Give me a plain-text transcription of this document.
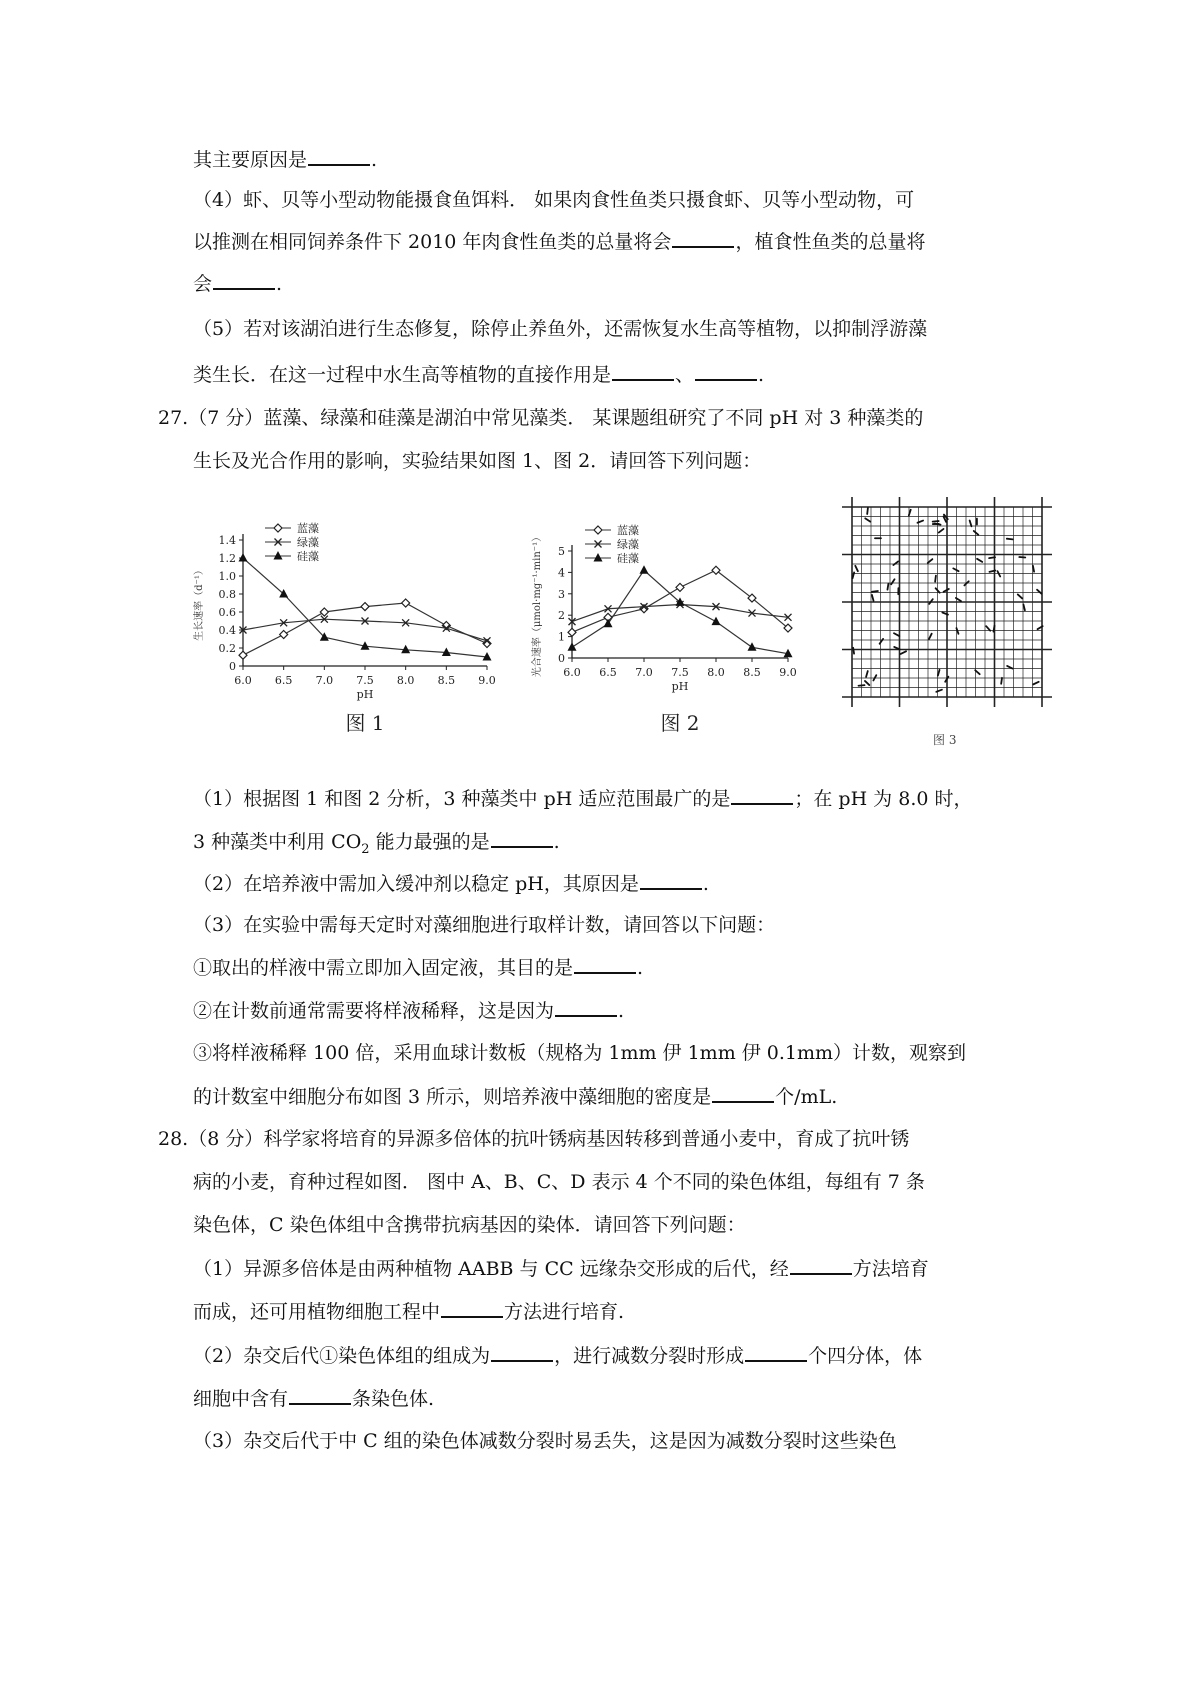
其主要原因是	.
（4）虾、贝等小型动物能摄食鱼饵料． 如果肉食性鱼类只摄食虾、贝等小型动物，可
以推测在相同饲养条件下 2010 年肉食性鱼类的总量将会	，植食性鱼类的总量将
会	.
（5）若对该湖泊进行生态修复，除停止养鱼外，还需恢复水生高等植物，以抑制浮游藻
类生长．在这一过程中水生高等植物的直接作用是	、	.
27.（7 分）蓝藻、绿藻和硅藻是湖泊中常见藻类． 某课题组研究了不同 pH 对 3 种藻类的
生长及光合作用的影响，实验结果如图 1、图 2．请回答下列问题：
0
0.2
0.4
0.6
0.8
1.0
1.2
1.4
6.0 6.5 7.0 7.5 8.0 8.5 9.0
pH
生长速率（d⁻¹）
蓝藻
绿藻
硅藻
图 1
0
1
2
3
4
5
6.0 6.5 7.0 7.5 8.0 8.5 9.0
pH
光合速率（μmol·mg⁻¹·min⁻¹）
蓝藻
绿藻
硅藻
图 2
图 3
（1）根据图 1 和图 2 分析，3 种藻类中 pH 适应范围最广的是	；在 pH 为 8.0 时，
3 种藻类中利用 $CO_2$ 能力最强的是	.
（2）在培养液中需加入缓冲剂以稳定 pH，其原因是	.
（3）在实验中需每天定时对藻细胞进行取样计数，请回答以下问题：
①取出的样液中需立即加入固定液，其目的是	.
②在计数前通常需要将样液稀释，这是因为	.
③将样液稀释 100 倍，采用血球计数板（规格为 1mm 伊 1mm 伊 0.1mm）计数，观察到
的计数室中细胞分布如图 3 所示，则培养液中藻细胞的密度是	个/mL.
28.（8 分）科学家将培育的异源多倍体的抗叶锈病基因转移到普通小麦中，育成了抗叶锈
病的小麦，育种过程如图． 图中 A、B、C、D 表示 4 个不同的染色体组，每组有 7 条
染色体，C 染色体组中含携带抗病基因的染体．请回答下列问题：
（1）异源多倍体是由两种植物 AABB 与 CC 远缘杂交形成的后代，经	方法培育
而成，还可用植物细胞工程中	方法进行培育.
（2）杂交后代①染色体组的组成为	，进行减数分裂时形成	个四分体，体
细胞中含有	条染色体.
（3）杂交后代于中 C 组的染色体减数分裂时易丢失，这是因为减数分裂时这些染色
